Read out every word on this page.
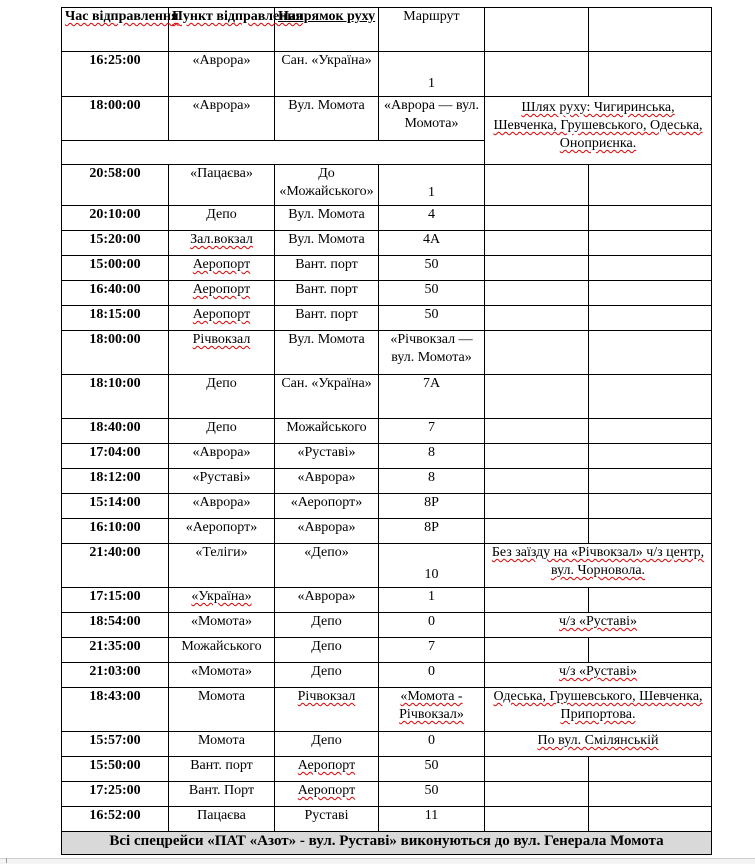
Час відправлення	Пункт відправлення	Напрямок руху	Маршрут		
16:25:00	«Аврора»	Сан. «Україна»	1		
18:00:00	«Аврора»	Вул. Момота	«Аврора — вул. Момота»	Шлях руху: Чигиринська, Шевченка, Грушевського, Одеська, Оноприєнка.	

20:58:00	«Пацаєва»	До «Можайського»	1		
20:10:00	Депо	Вул. Момота	4		
15:20:00	Зал.вокзал	Вул. Момота	4А		
15:00:00	Аеропорт	Вант. порт	50		
16:40:00	Аеропорт	Вант. порт	50		
18:15:00	Аеропорт	Вант. порт	50		
18:00:00	Річвокзал	Вул. Момота	«Річвокзал — вул. Момота»		
18:10:00	Депо	Сан. «Україна»	7А		
18:40:00	Депо	Можайського	7		
17:04:00	«Аврора»	«Руставі»	8		
18:12:00	«Руставі»	«Аврора»	8		
15:14:00	«Аврора»	«Аеропорт»	8Р		
16:10:00	«Аеропорт»	«Аврора»	8Р		
21:40:00	«Теліги»	«Депо»	10	Без заїзду на «Річвокзал» ч/з центр, вул. Чорновола.	
17:15:00	«Україна»	«Аврора»	1		
18:54:00	«Момота»	Депо	0	ч/з «Руставі»	
21:35:00	Можайського	Депо	7		
21:03:00	«Момота»	Депо	0	ч/з «Руставі»	
18:43:00	Момота	Річвокзал	«Момота - Річвокзал»	Одеська, Грушевського, Шевченка, Припортова.	
15:57:00	Момота	Депо	0	По вул. Смілянській	
15:50:00	Вант. порт	Аеропорт	50		
17:25:00	Вант. Порт	Аеропорт	50		
16:52:00	Пацаєва	Руставі	11		
Всі спецрейси «ПАТ «Азот» - вул. Руставі» виконуються до вул. Генерала Момота					
